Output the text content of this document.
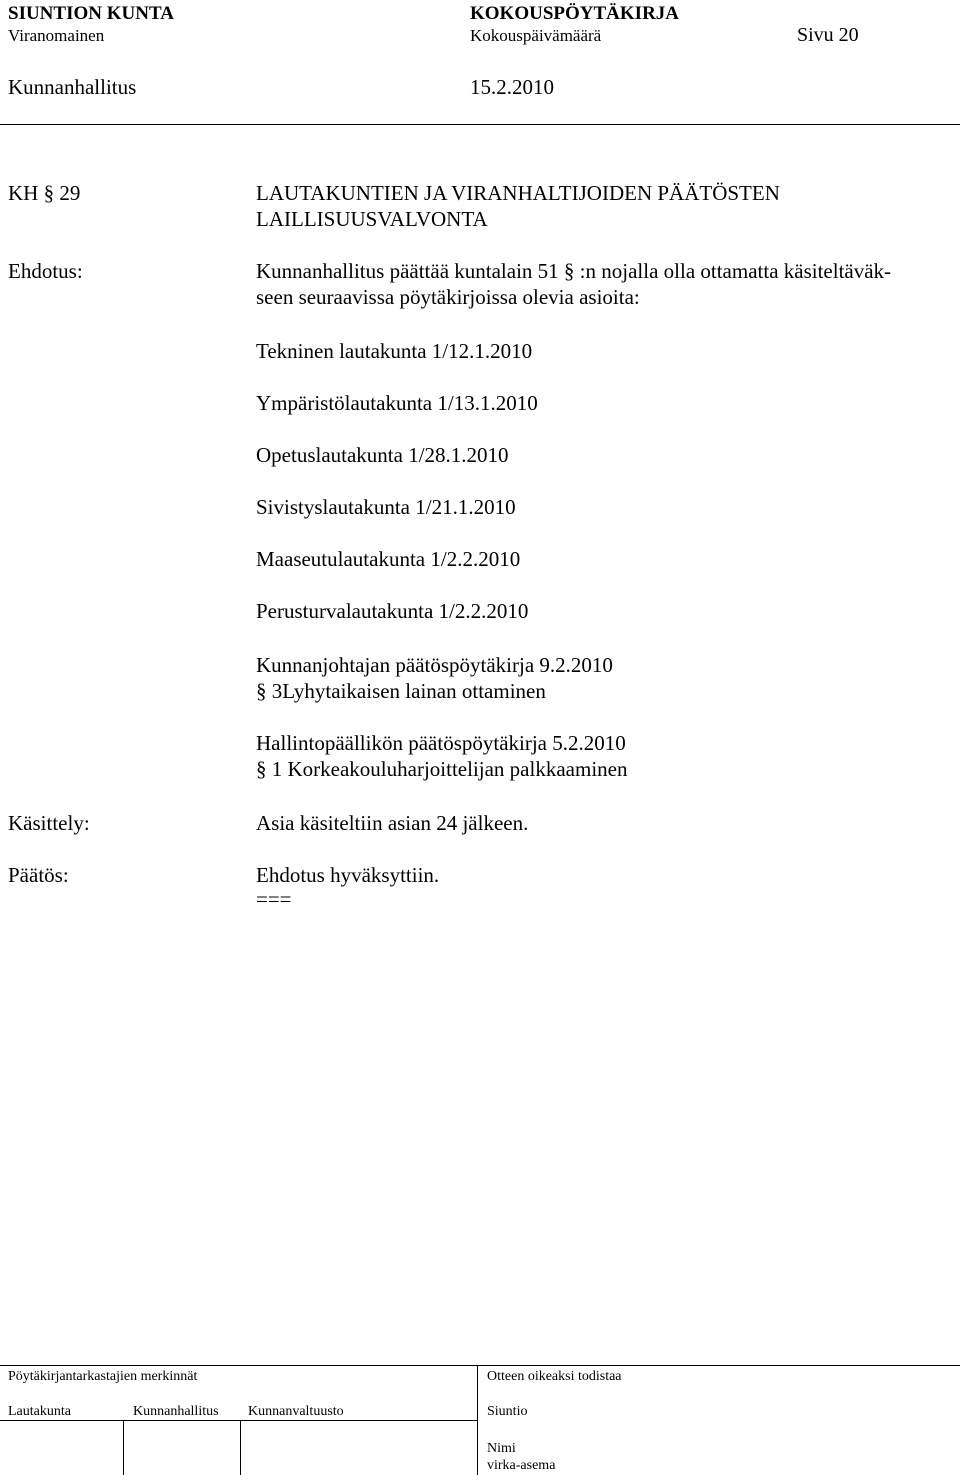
SIUNTION KUNTA	KOKOUSPÖYTÄKIRJA
Viranomainen	Kokouspäivämäärä	Sivu 20
Kunnanhallitus	15.2.2010
KH § 29	LAUTAKUNTIEN JA VIRANHALTIJOIDEN PÄÄTÖSTEN
LAILLISUUSVALVONTA
Ehdotus:	Kunnanhallitus päättää kuntalain 51 § :n nojalla olla ottamatta käsiteltäväk-
seen seuraavissa pöytäkirjoissa olevia asioita:
Tekninen lautakunta 1/12.1.2010
Ympäristölautakunta 1/13.1.2010
Opetuslautakunta 1/28.1.2010
Sivistyslautakunta 1/21.1.2010
Maaseutulautakunta 1/2.2.2010
Perusturvalautakunta 1/2.2.2010
Kunnanjohtajan päätöspöytäkirja 9.2.2010
§ 3Lyhytaikaisen lainan ottaminen
Hallintopäällikön päätöspöytäkirja 5.2.2010
§ 1 Korkeakouluharjoittelijan palkkaaminen
Käsittely:	Asia käsiteltiin asian 24 jälkeen.
Päätös:	Ehdotus hyväksyttiin.
===
Pöytäkirjantarkastajien merkinnät	Otteen oikeaksi todistaa
Lautakunta	Kunnanhallitus Kunnanvaltuusto	Siuntio
Nimi
virka-asema
